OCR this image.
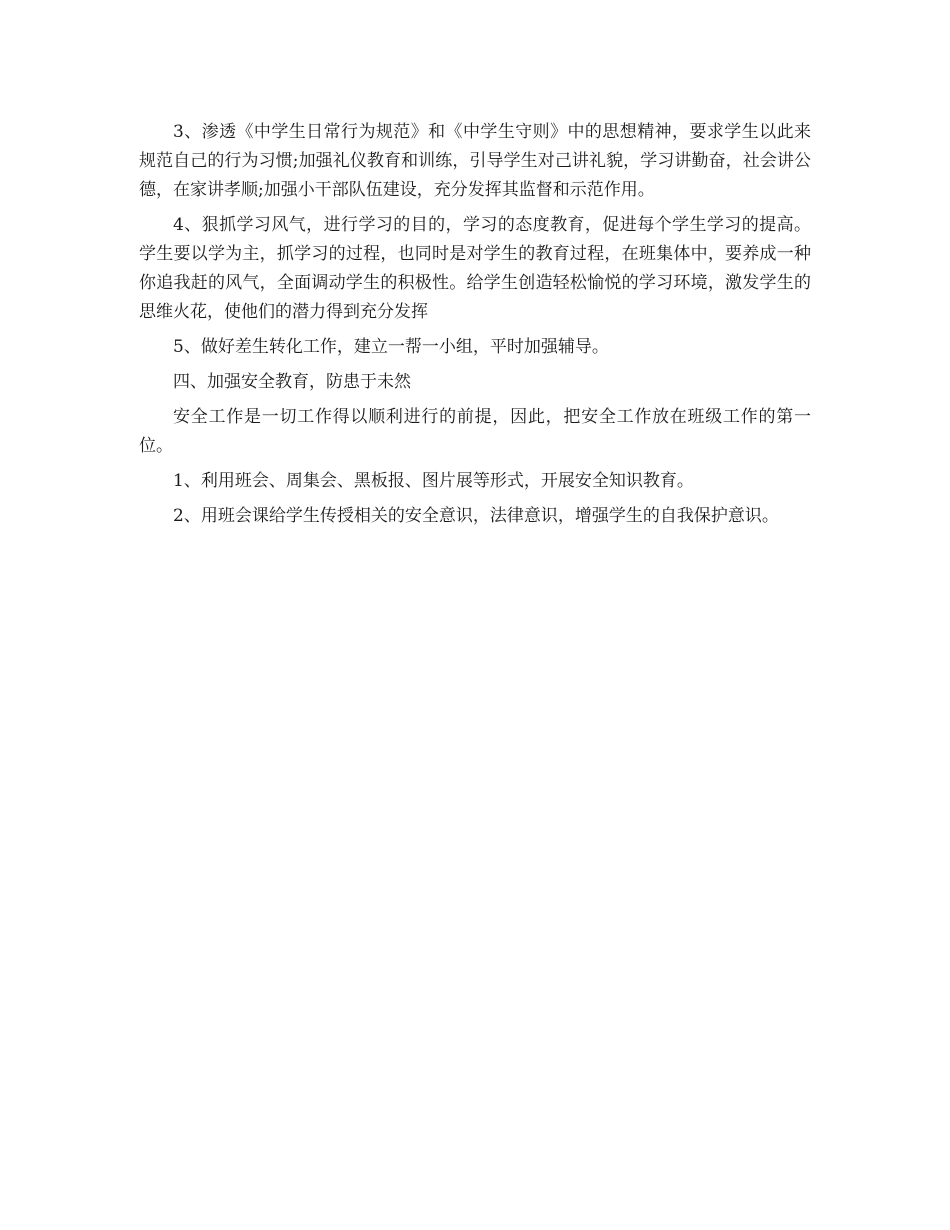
3、渗透《中学生日常行为规范》和《中学生守则》中的思想精神，要求学生以此来规范自己的行为习惯;加强礼仪教育和训练，引导学生对己讲礼貌，学习讲勤奋，社会讲公德，在家讲孝顺;加强小干部队伍建设，充分发挥其监督和示范作用。

4、狠抓学习风气，进行学习的目的，学习的态度教育，促进每个学生学习的提高。学生要以学为主，抓学习的过程，也同时是对学生的教育过程，在班集体中，要养成一种你追我赶的风气，全面调动学生的积极性。给学生创造轻松愉悦的学习环境，激发学生的思维火花，使他们的潜力得到充分发挥

5、做好差生转化工作，建立一帮一小组，平时加强辅导。

四、加强安全教育，防患于未然

安全工作是一切工作得以顺利进行的前提，因此，把安全工作放在班级工作的第一位。

1、利用班会、周集会、黑板报、图片展等形式，开展安全知识教育。

2、用班会课给学生传授相关的安全意识，法律意识，增强学生的自我保护意识。
